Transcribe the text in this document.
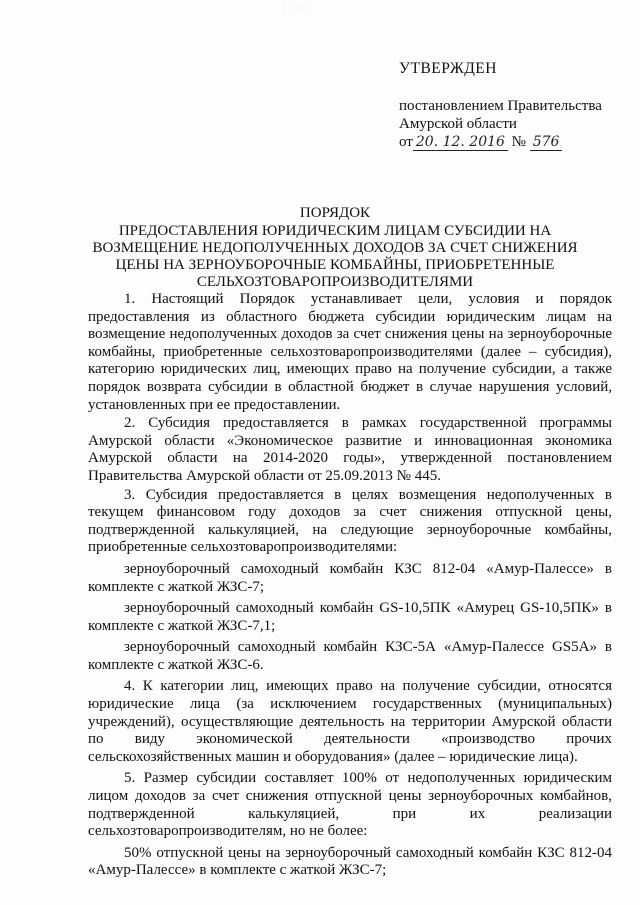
· · · ·
УТВЕРЖДЕН
постановлением Правительства
Амурской области
от 20. 12. 2016 № 576
ПОРЯДОК
ПРЕДОСТАВЛЕНИЯ ЮРИДИЧЕСКИМ ЛИЦАМ СУБСИДИИ НА ВОЗМЕЩЕНИЕ НЕДОПОЛУЧЕННЫХ ДОХОДОВ ЗА СЧЕТ СНИЖЕНИЯ ЦЕНЫ НА ЗЕРНОУБОРОЧНЫЕ КОМБАЙНЫ, ПРИОБРЕТЕННЫЕ СЕЛЬХОЗТОВАРОПРОИЗВОДИТЕЛЯМИ

1. Настоящий Порядок устанавливает цели, условия и порядок предоставления из областного бюджета субсидии юридическим лицам на возмещение недополученных доходов за счет снижения цены на зерноуборочные комбайны, приобретенные сельхозтоваропроизводителями (далее – субсидия), категорию юридических лиц, имеющих право на получение субсидии, а также порядок возврата субсидии в областной бюджет в случае нарушения условий, установленных при ее предоставлении.

2. Субсидия предоставляется в рамках государственной программы Амурской области «Экономическое развитие и инновационная экономика Амурской области на 2014-2020 годы», утвержденной постановлением Правительства Амурской области от 25.09.2013 № 445.

3. Субсидия предоставляется в целях возмещения недополученных в текущем финансовом году доходов за счет снижения отпускной цены, подтвержденной калькуляцией, на следующие зерноуборочные комбайны, приобретенные сельхозтоваропроизводителями:

зерноуборочный самоходный комбайн КЗС 812-04 «Амур-Палессе» в комплекте с жаткой ЖЗС-7;

зерноуборочный самоходный комбайн GS-10,5ПК «Амурец GS-10,5ПК» в комплекте с жаткой ЖЗС-7,1;

зерноуборочный самоходный комбайн КЗС-5А «Амур-Палессе GS5А» в комплекте с жаткой ЖЗС-6.

4. К категории лиц, имеющих право на получение субсидии, относятся юридические лица (за исключением государственных (муниципальных) учреждений), осуществляющие деятельность на территории Амурской области по виду экономической деятельности «производство прочих сельскохозяйственных машин и оборудования» (далее – юридические лица).

5. Размер субсидии составляет 100% от недополученных юридическим лицом доходов за счет снижения отпускной цены зерноуборочных комбайнов, подтвержденной калькуляцией, при их реализации сельхозтоваропроизводителям, но не более:

50% отпускной цены на зерноуборочный самоходный комбайн КЗС 812-04 «Амур-Палессе» в комплекте с жаткой ЖЗС-7;
